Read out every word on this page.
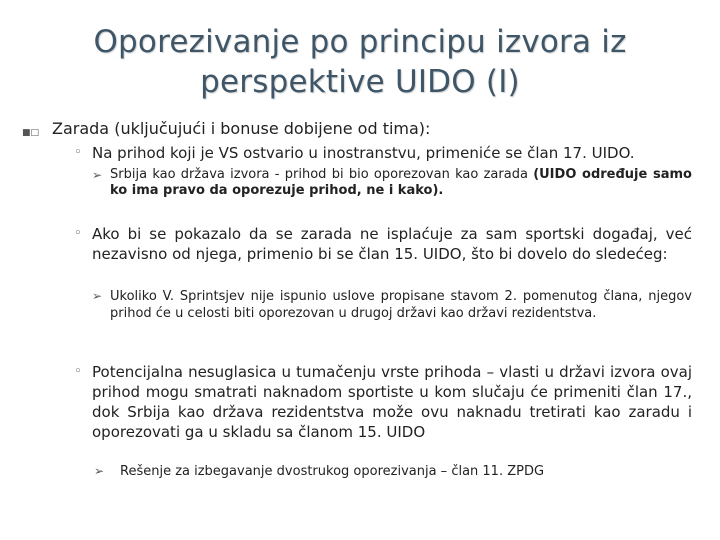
Oporezivanje po principu izvora iz
perspektive UIDO (I)
■□ Zarada (uključujući i bonuse dobijene od tima):
◦ Na prihod koji je VS ostvario u inostranstvu, primeniće se član 17. UIDO.
➢ Srbija kao država izvora - prihod bi bio oporezovan kao zarada (UIDO određuje samo ko ima pravo da oporezuje prihod, ne i kako).
◦ Ako bi se pokazalo da se zarada ne isplaćuje za sam sportski događaj, već nezavisno od njega, primenio bi se član 15. UIDO, što bi dovelo do sledećeg:
➢ Ukoliko V. Sprintsjev nije ispunio uslove propisane stavom 2. pomenutog člana, njegov prihod će u celosti biti oporezovan u drugoj državi kao državi rezidentstva.
◦ Potencijalna nesuglasica u tumačenju vrste prihoda – vlasti u državi izvora ovaj prihod mogu smatrati naknadom sportiste u kom slučaju će primeniti član 17., dok Srbija kao država rezidentstva može ovu naknadu tretirati kao zaradu i oporezovati ga u skladu sa članom 15. UIDO
➢ Rešenje za izbegavanje dvostrukog oporezivanja – član 11. ZPDG
